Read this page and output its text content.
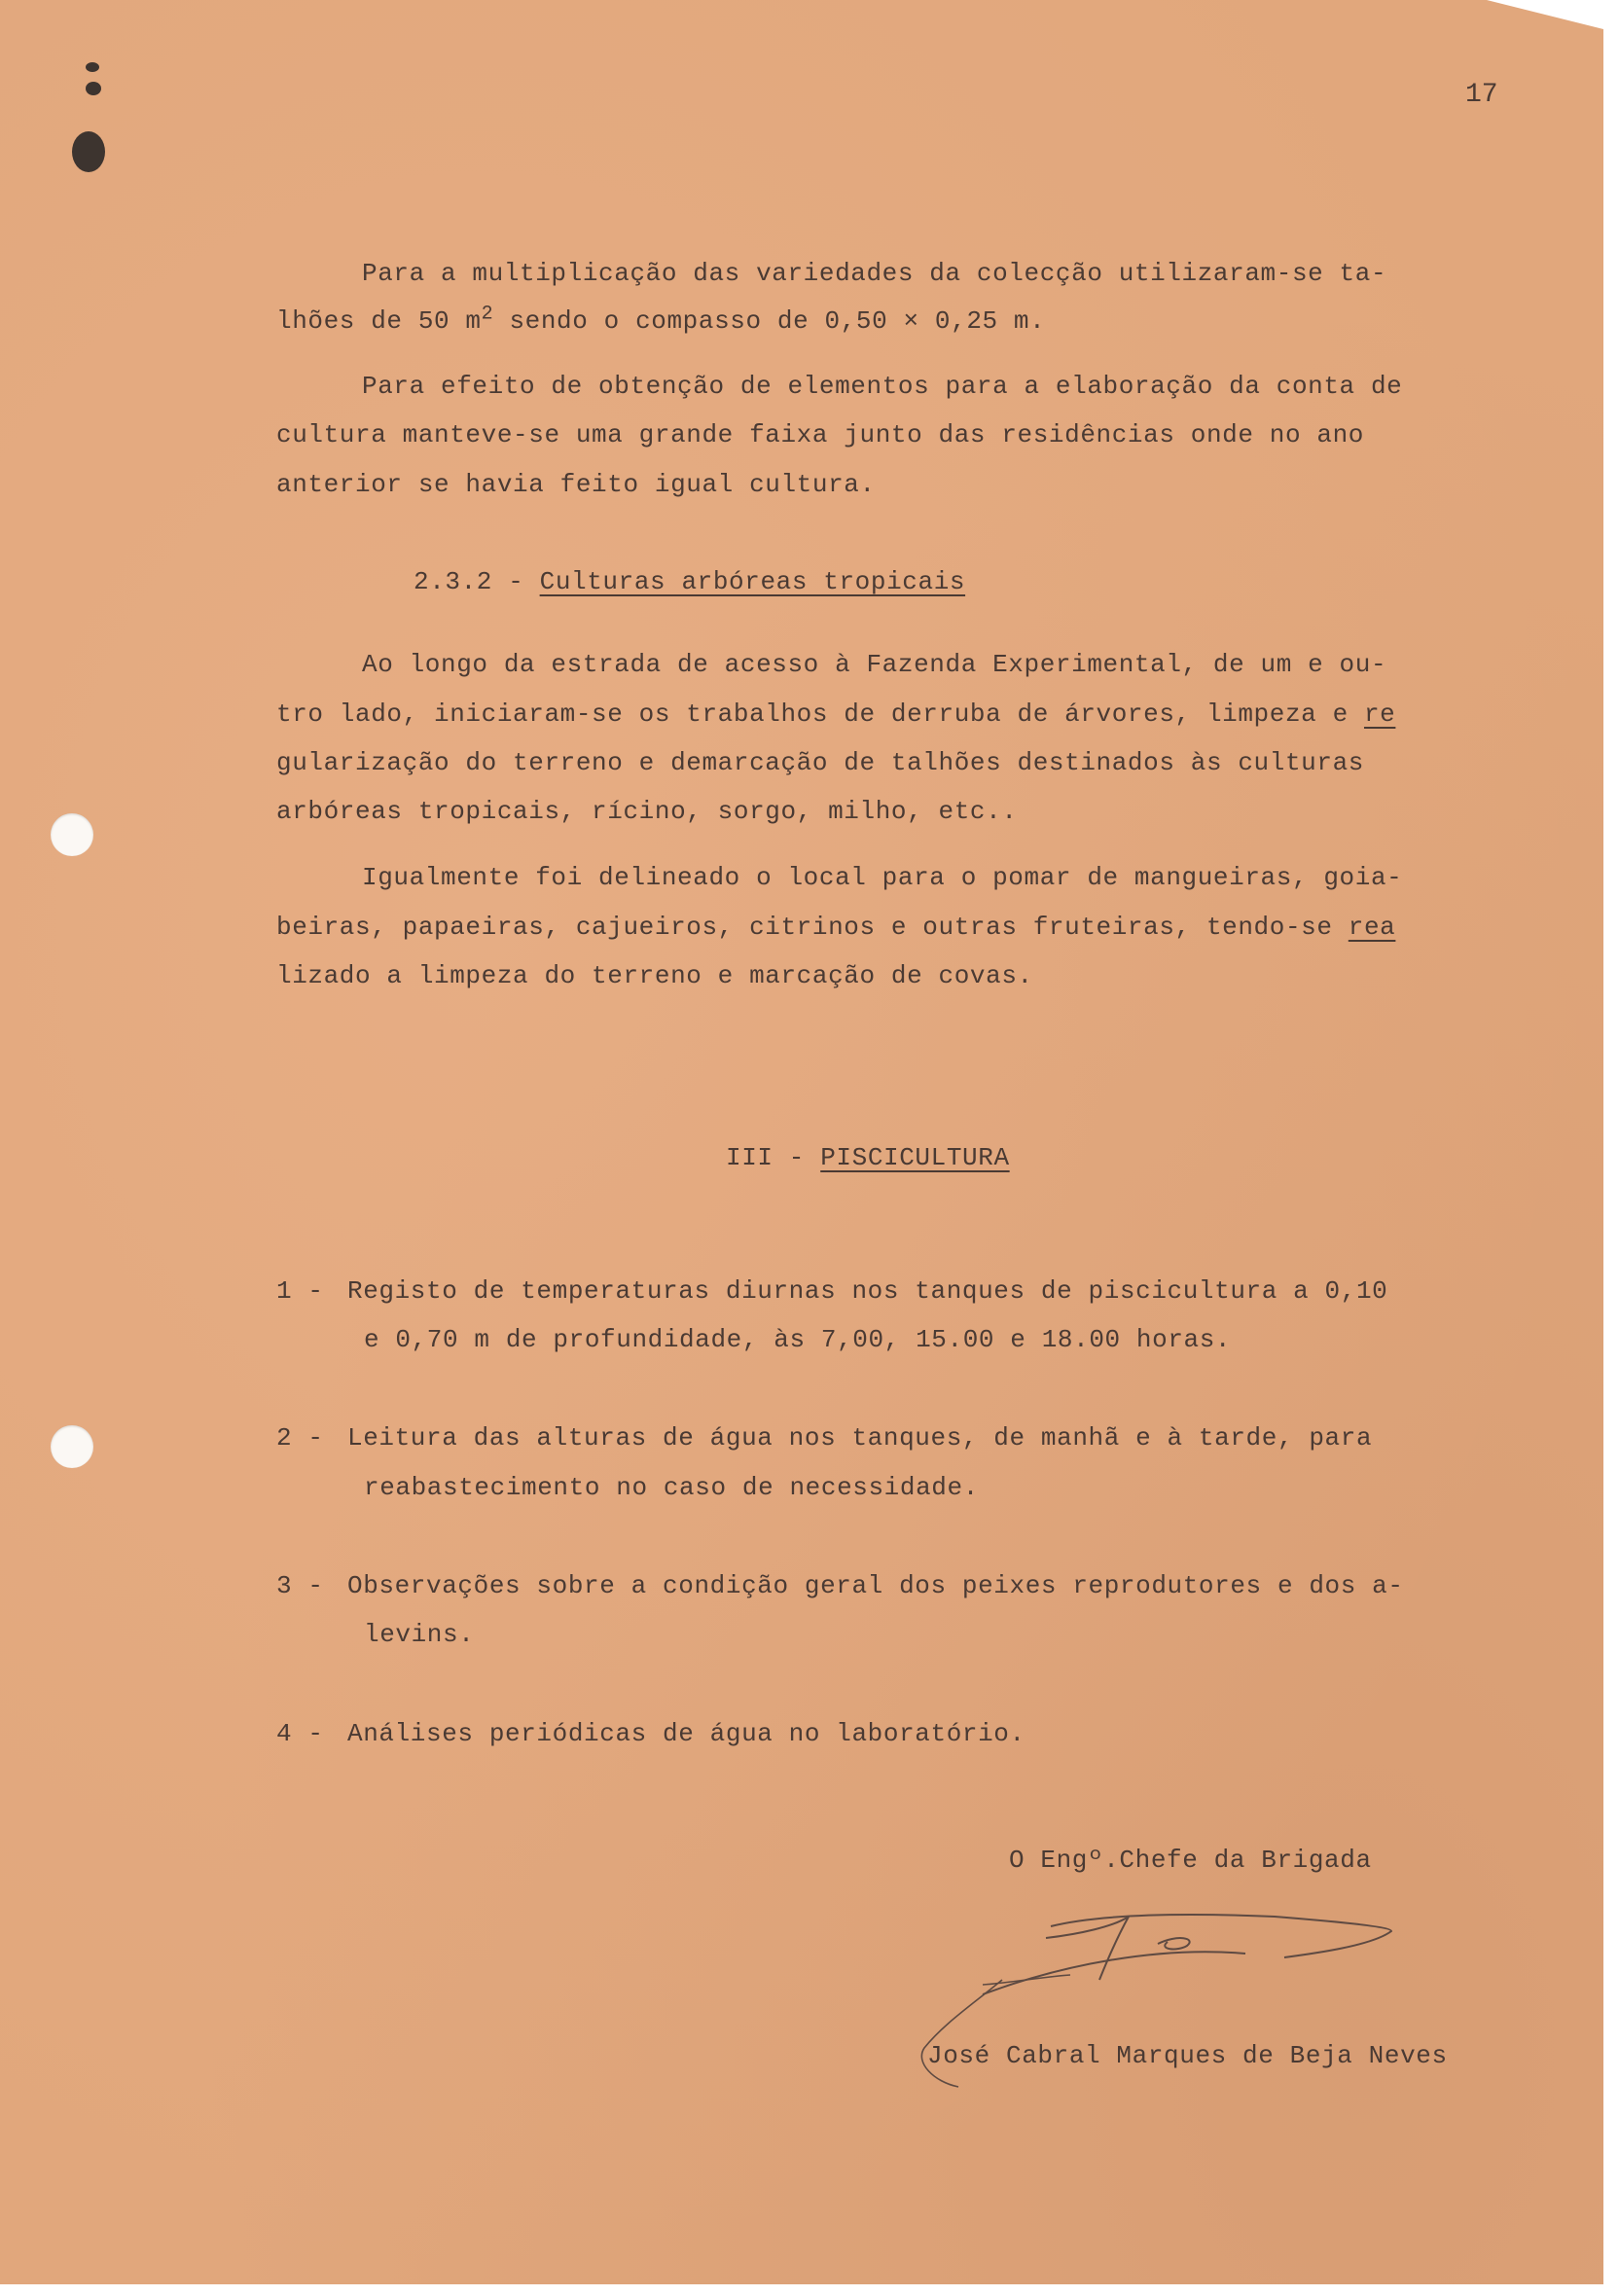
17
Para a multiplicação das variedades da colecção utilizaram-se ta-
lhões de 50 $m^2$ sendo o compasso de 0,50 × 0,25 m.
Para efeito de obtenção de elementos para a elaboração da conta de
cultura manteve-se uma grande faixa junto das residências onde no ano
anterior se havia feito igual cultura.
2.3.2 - Culturas arbóreas tropicais
Ao longo da estrada de acesso à Fazenda Experimental, de um e ou-
tro lado, iniciaram-se os trabalhos de derruba de árvores, limpeza e re
gularização do terreno e demarcação de talhões destinados às culturas
arbóreas tropicais, rícino, sorgo, milho, etc..
Igualmente foi delineado o local para o pomar de mangueiras, goia-
beiras, papaeiras, cajueiros, citrinos e outras fruteiras, tendo-se rea
lizado a limpeza do terreno e marcação de covas.
III - PISCICULTURA
1 - Registo de temperaturas diurnas nos tanques de piscicultura a 0,10
e 0,70 m de profundidade, às 7,00, 15.00 e 18.00 horas.
2 - Leitura das alturas de água nos tanques, de manhã e à tarde, para
reabastecimento no caso de necessidade.
3 - Observações sobre a condição geral dos peixes reprodutores e dos a-
levins.
4 - Análises periódicas de água no laboratório.
O Engº.Chefe da Brigada
José Cabral Marques de Beja Neves
